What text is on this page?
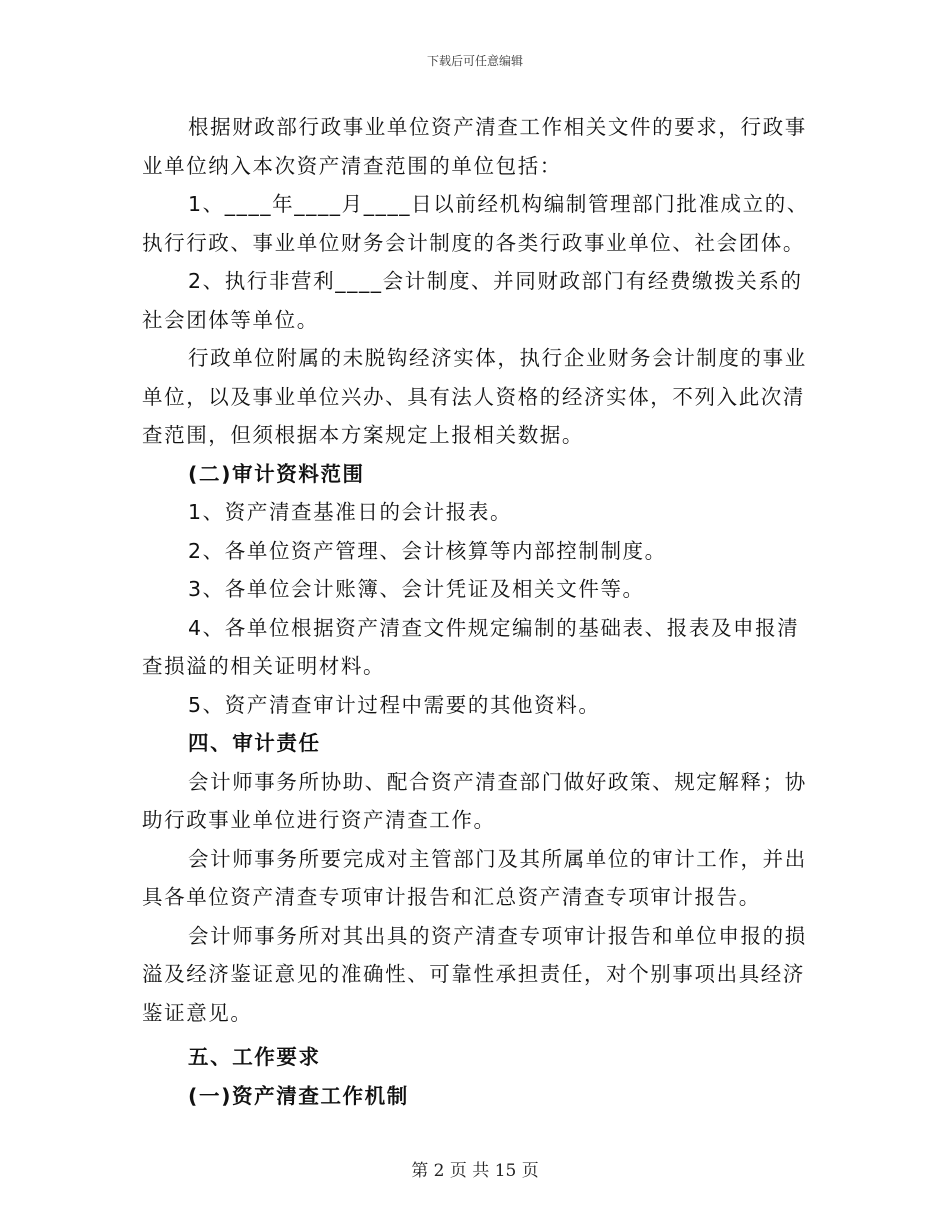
下载后可任意编辑

根据财政部行政事业单位资产清查工作相关文件的要求，行政事业单位纳入本次资产清查范围的单位包括：

1、____年____月____日以前经机构编制管理部门批准成立的、执行行政、事业单位财务会计制度的各类行政事业单位、社会团体。

2、执行非营利____会计制度、并同财政部门有经费缴拨关系的社会团体等单位。

行政单位附属的未脱钩经济实体，执行企业财务会计制度的事业单位，以及事业单位兴办、具有法人资格的经济实体，不列入此次清查范围，但须根据本方案规定上报相关数据。

(二)审计资料范围

1、资产清查基准日的会计报表。

2、各单位资产管理、会计核算等内部控制制度。

3、各单位会计账簿、会计凭证及相关文件等。

4、各单位根据资产清查文件规定编制的基础表、报表及申报清查损溢的相关证明材料。

5、资产清查审计过程中需要的其他资料。

四、审计责任

会计师事务所协助、配合资产清查部门做好政策、规定解释；协助行政事业单位进行资产清查工作。

会计师事务所要完成对主管部门及其所属单位的审计工作，并出具各单位资产清查专项审计报告和汇总资产清查专项审计报告。

会计师事务所对其出具的资产清查专项审计报告和单位申报的损溢及经济鉴证意见的准确性、可靠性承担责任，对个别事项出具经济鉴证意见。

五、工作要求

(一)资产清查工作机制

第 2 页 共 15 页
